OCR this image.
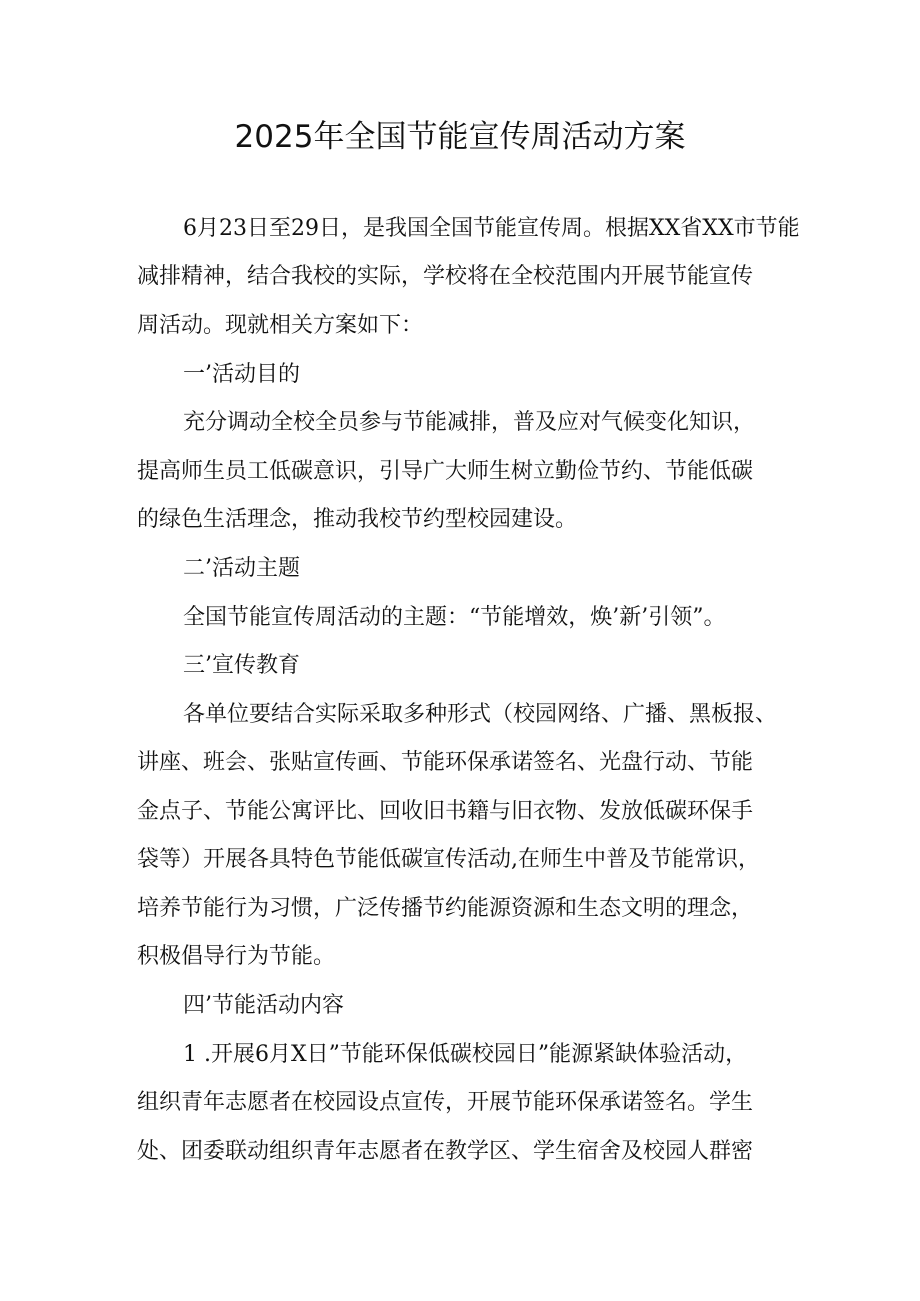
2025年全国节能宣传周活动方案

6月23日至29日，是我国全国节能宣传周。根据XX省XX市节能

减排精神，结合我校的实际，学校将在全校范围内开展节能宣传

周活动。现就相关方案如下：

一’活动目的

充分调动全校全员参与节能减排，普及应对气候变化知识，

提高师生员工低碳意识，引导广大师生树立勤俭节约、节能低碳

的绿色生活理念，推动我校节约型校园建设。

二’活动主题

全国节能宣传周活动的主题：“节能增效，焕’新’引领”。

三’宣传教育

各单位要结合实际采取多种形式（校园网络、广播、黑板报、

讲座、班会、张贴宣传画、节能环保承诺签名、光盘行动、节能

金点子、节能公寓评比、回收旧书籍与旧衣物、发放低碳环保手

袋等）开展各具特色节能低碳宣传活动,在师生中普及节能常识，

培养节能行为习惯，广泛传播节约能源资源和生态文明的理念，

积极倡导行为节能。

四’节能活动内容

1 .开展6月X日”节能环保低碳校园日”能源紧缺体验活动，

组织青年志愿者在校园设点宣传，开展节能环保承诺签名。学生

处、团委联动组织青年志愿者在教学区、学生宿舍及校园人群密
